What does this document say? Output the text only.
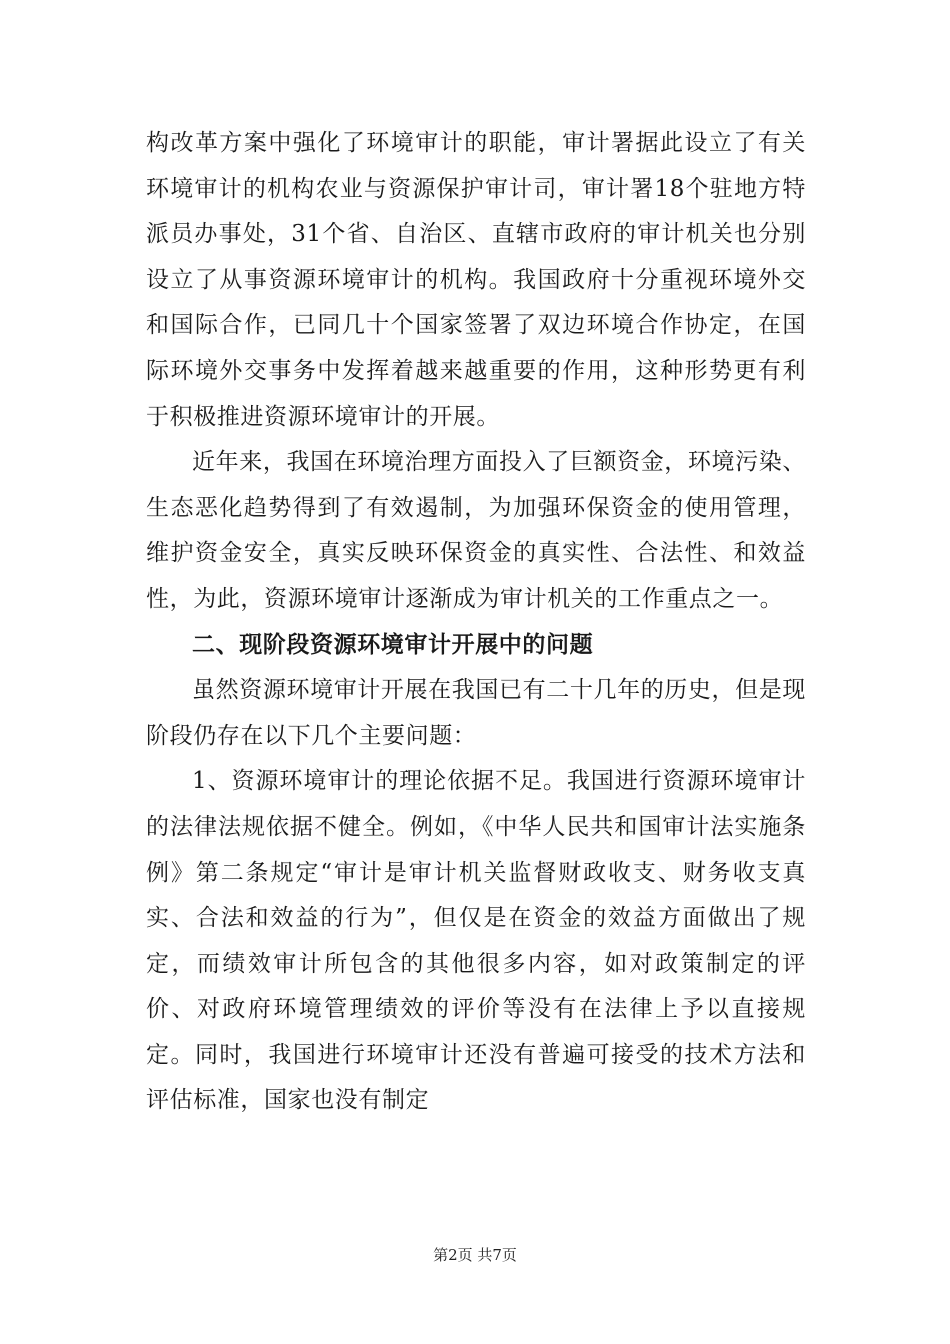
构改革方案中强化了环境审计的职能，审计署据此设立了有关环境审计的机构农业与资源保护审计司，审计署18个驻地方特派员办事处，31个省、自治区、直辖市政府的审计机关也分别设立了从事资源环境审计的机构。我国政府十分重视环境外交和国际合作，已同几十个国家签署了双边环境合作协定，在国际环境外交事务中发挥着越来越重要的作用，这种形势更有利于积极推进资源环境审计的开展。

近年来，我国在环境治理方面投入了巨额资金，环境污染、生态恶化趋势得到了有效遏制，为加强环保资金的使用管理，维护资金安全，真实反映环保资金的真实性、合法性、和效益性，为此，资源环境审计逐渐成为审计机关的工作重点之一。

二、现阶段资源环境审计开展中的问题

虽然资源环境审计开展在我国已有二十几年的历史，但是现阶段仍存在以下几个主要问题：

1、资源环境审计的理论依据不足。我国进行资源环境审计的法律法规依据不健全。例如，《中华人民共和国审计法实施条例》第二条规定“审计是审计机关监督财政收支、财务收支真实、合法和效益的行为”，但仅是在资金的效益方面做出了规定，而绩效审计所包含的其他很多内容，如对政策制定的评价、对政府环境管理绩效的评价等没有在法律上予以直接规定。同时，我国进行环境审计还没有普遍可接受的技术方法和评估标准，国家也没有制定

第2页 共7页
